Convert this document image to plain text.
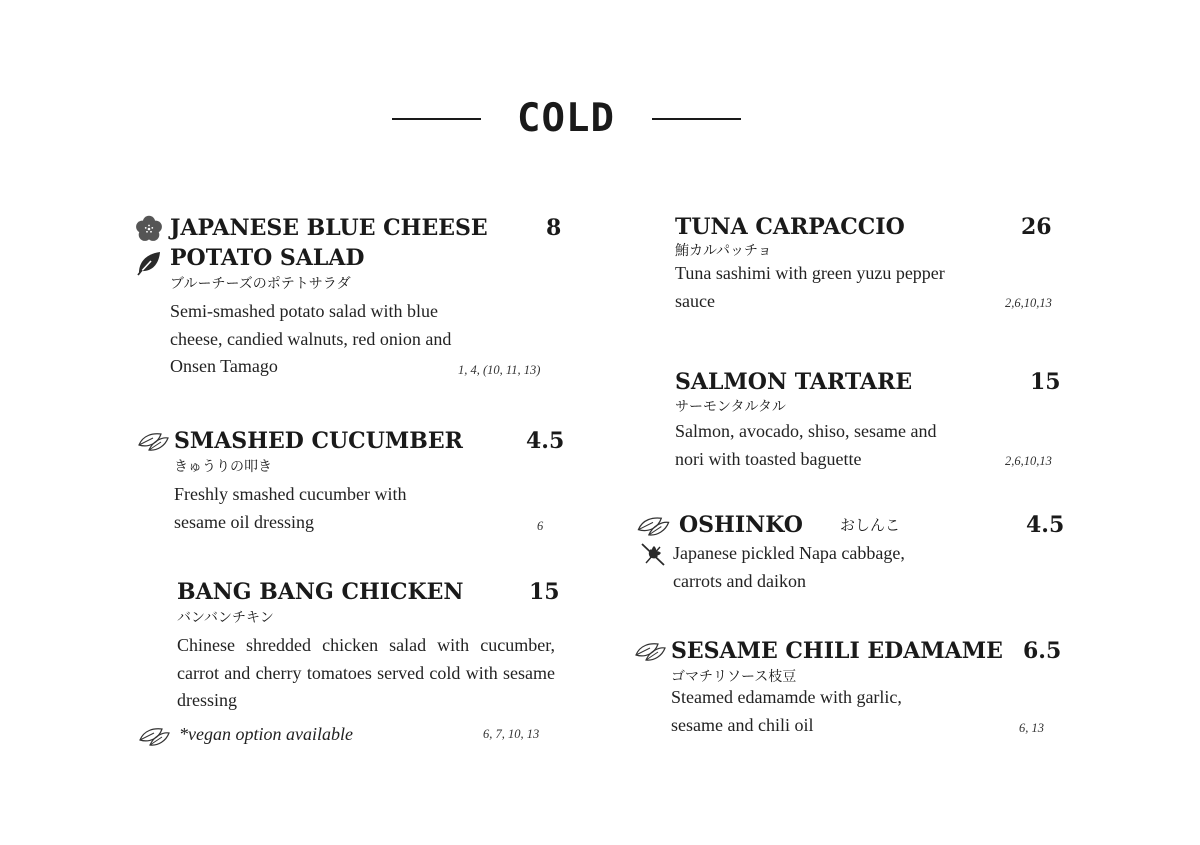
COLD
JAPANESE BLUE CHEESE
POTATO SALAD
8
ブルーチーズのポテトサラダ
Semi-smashed potato salad with blue cheese, candied walnuts, red onion and Onsen Tamago	1, 4, (10, 11, 13)
SMASHED CUCUMBER	4.5
きゅうりの叩き
Freshly smashed cucumber with sesame oil dressing	6
BANG BANG CHICKEN	15
バンバンチキン
Chinese shredded chicken salad with cucumber, carrot and cherry tomatoes served cold with sesame dressing
*vegan option available	6, 7, 10, 13
TUNA CARPACCIO	26
鮪カルパッチョ
Tuna sashimi with green yuzu pepper sauce	2,6,10,13
SALMON TARTARE	15
サーモンタルタル
Salmon, avocado, shiso, sesame and nori with toasted baguette	2,6,10,13
OSHINKO おしんこ	4.5
Japanese pickled Napa cabbage, carrots and daikon
SESAME CHILI EDAMAME 6.5
ゴマチリソース枝豆
Steamed edamamde with garlic, sesame and chili oil	6, 13
